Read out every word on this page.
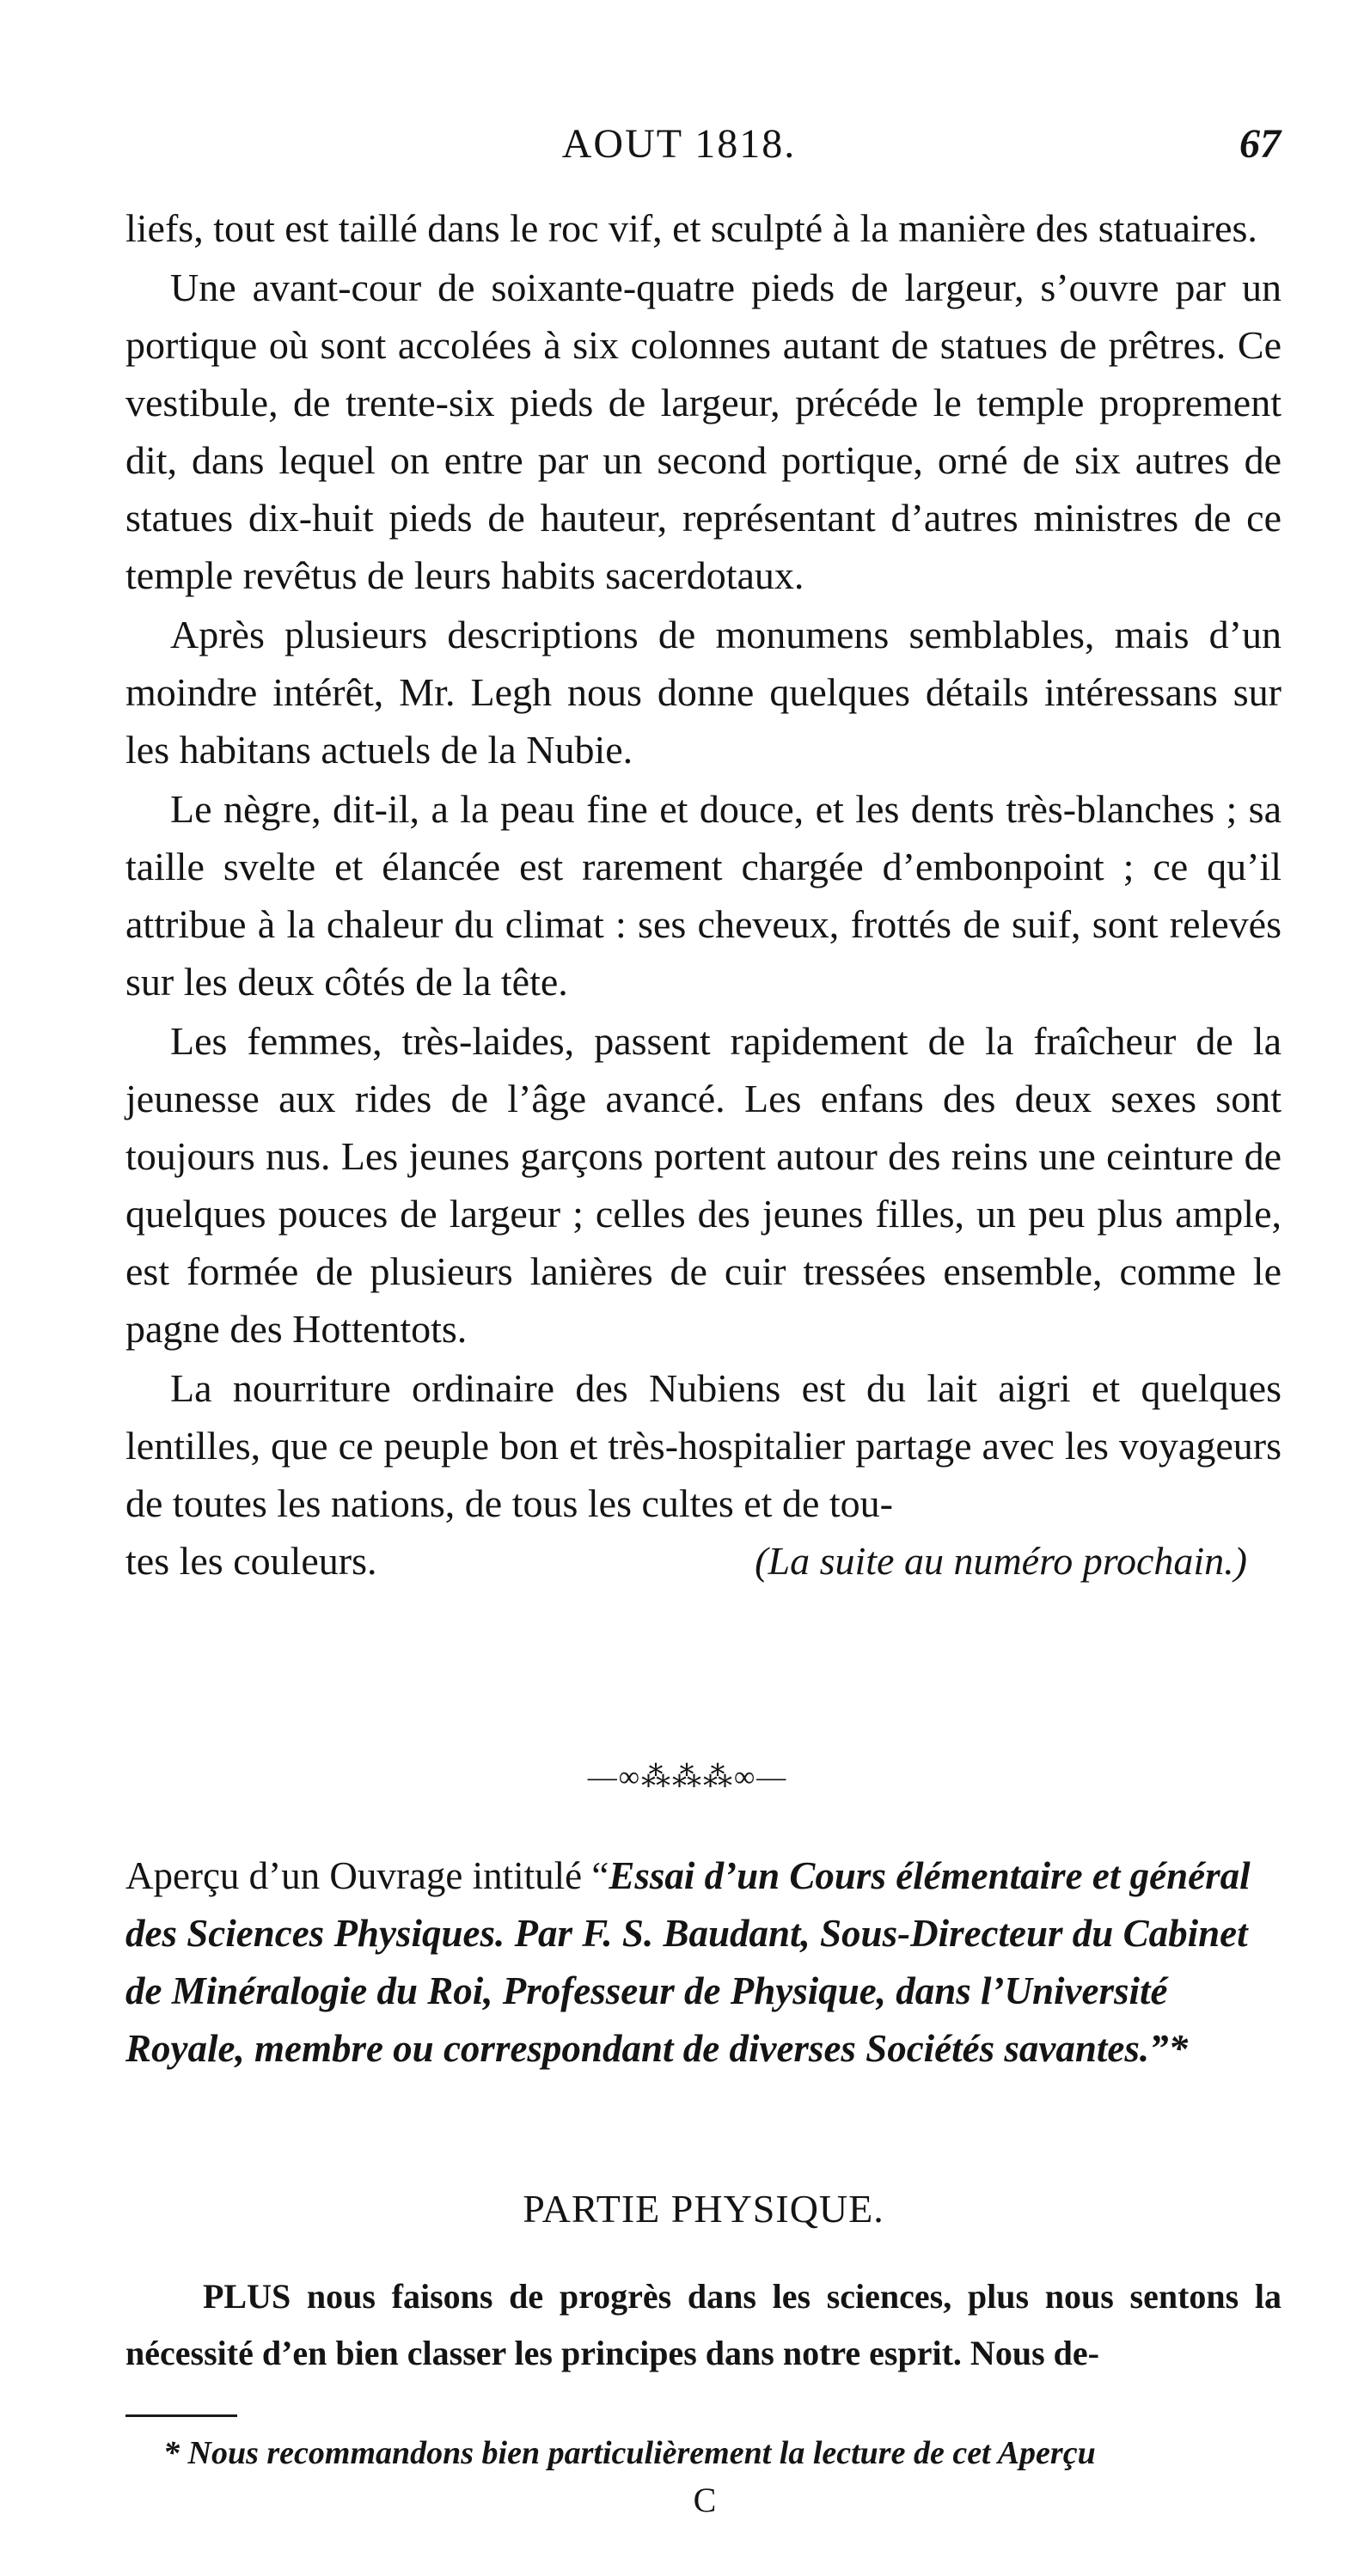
AOUT 1818.	67

liefs, tout est taillé dans le roc vif, et sculpté à la manière des statuaires.

Une avant-cour de soixante-quatre pieds de largeur, s’ouvre par un portique où sont accolées à six colonnes autant de statues de prêtres. Ce vestibule, de trente-six pieds de largeur, précéde le temple proprement dit, dans lequel on entre par un second portique, orné de six autres de statues dix-huit pieds de hauteur, représentant d’autres ministres de ce temple revêtus de leurs habits sacerdotaux.

Après plusieurs descriptions de monumens semblables, mais d’un moindre intérêt, Mr. Legh nous donne quelques détails intéressans sur les habitans actuels de la Nubie.

Le nègre, dit-il, a la peau fine et douce, et les dents très-blanches ; sa taille svelte et élancée est rarement chargée d’embonpoint ; ce qu’il attribue à la chaleur du climat : ses cheveux, frottés de suif, sont relevés sur les deux côtés de la tête.

Les femmes, très-laides, passent rapidement de la fraîcheur de la jeunesse aux rides de l’âge avancé. Les enfans des deux sexes sont toujours nus. Les jeunes garçons portent autour des reins une ceinture de quelques pouces de largeur ; celles des jeunes filles, un peu plus ample, est formée de plusieurs lanières de cuir tressées ensemble, comme le pagne des Hottentots.

La nourriture ordinaire des Nubiens est du lait aigri et quelques lentilles, que ce peuple bon et très-hospitalier partage avec les voyageurs de toutes les nations, de tous les cultes et de tou-

tes les couleurs.	(La suite au numéro prochain.)
—∞⁂⁂⁂∞—
Aperçu d’un Ouvrage intitulé “Essai d’un Cours élémentaire et général des Sciences Physiques. Par F. S. Baudant, Sous-Directeur du Cabinet de Minéralogie du Roi, Professeur de Physique, dans l’Université Royale, membre ou correspondant de diverses Sociétés savantes.”*
PARTIE PHYSIQUE.

PLUS nous faisons de progrès dans les sciences, plus nous sentons la nécessité d’en bien classer les principes dans notre esprit. Nous de-

* Nous recommandons bien particulièrement la lecture de cet Aperçu
C
